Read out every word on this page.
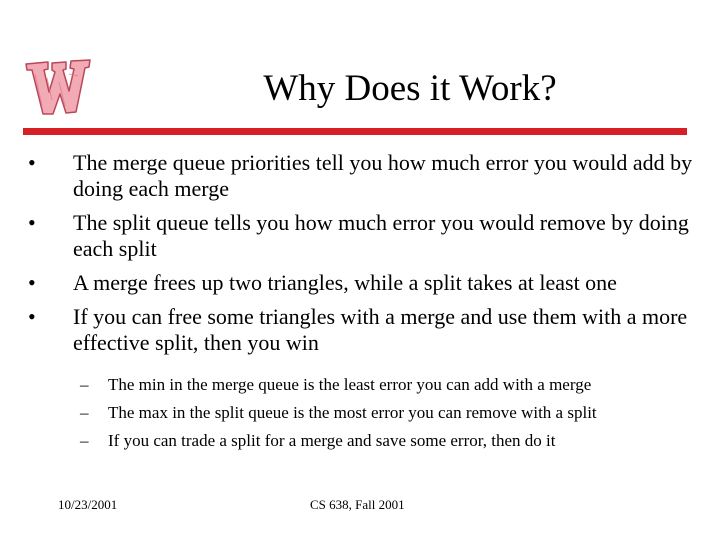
Why Does it Work?
•	The merge queue priorities tell you how much error you would add by doing each merge
•	The split queue tells you how much error you would remove by doing each split
•	A merge frees up two triangles, while a split takes at least one
•	If you can free some triangles with a merge and use them with a more effective split, then you win
– The min in the merge queue is the least error you can add with a merge
– The max in the split queue is the most error you can remove with a split
– If you can trade a split for a merge and save some error, then do it
10/23/2001	CS 638, Fall 2001
